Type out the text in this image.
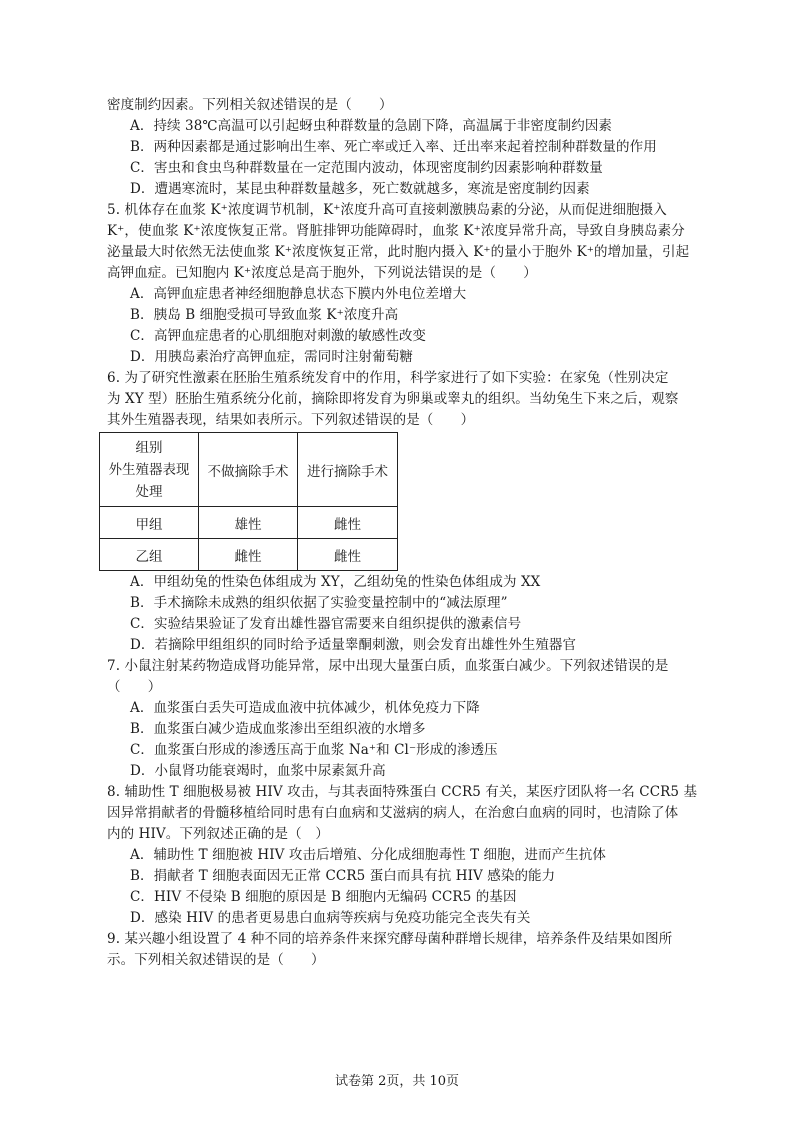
密度制约因素。下列相关叙述错误的是（　　）
A．持续 38℃高温可以引起蚜虫种群数量的急剧下降，高温属于非密度制约因素
B．两种因素都是通过影响出生率、死亡率或迁入率、迁出率来起着控制种群数量的作用
C．害虫和食虫鸟种群数量在一定范围内波动，体现密度制约因素影响种群数量
D．遭遇寒流时，某昆虫种群数量越多，死亡数就越多，寒流是密度制约因素
5. 机体存在血浆 K⁺浓度调节机制，K⁺浓度升高可直接刺激胰岛素的分泌，从而促进细胞摄入
K⁺，使血浆 K⁺浓度恢复正常。肾脏排钾功能障碍时，血浆 K⁺浓度异常升高，导致自身胰岛素分
泌量最大时依然无法使血浆 K⁺浓度恢复正常，此时胞内摄入 K⁺的量小于胞外 K⁺的增加量，引起
高钾血症。已知胞内 K⁺浓度总是高于胞外，下列说法错误的是（　　）
A．高钾血症患者神经细胞静息状态下膜内外电位差增大
B．胰岛 B 细胞受损可导致血浆 K⁺浓度升高
C．高钾血症患者的心肌细胞对刺激的敏感性改变
D．用胰岛素治疗高钾血症，需同时注射葡萄糖
6. 为了研究性激素在胚胎生殖系统发育中的作用，科学家进行了如下实验：在家兔（性别决定
为 XY 型）胚胎生殖系统分化前，摘除即将发育为卵巢或睾丸的组织。当幼兔生下来之后，观察
其外生殖器表现，结果如表所示。下列叙述错误的是（　　）
组别
外生殖器表现
处理	不做摘除手术	进行摘除手术
甲组	雄性	雌性
乙组	雌性	雌性
A．甲组幼兔的性染色体组成为 XY，乙组幼兔的性染色体组成为 XX
B．手术摘除未成熟的组织依据了实验变量控制中的“减法原理”
C．实验结果验证了发育出雄性器官需要来自组织提供的激素信号
D．若摘除甲组组织的同时给予适量睾酮刺激，则会发育出雄性外生殖器官
7. 小鼠注射某药物造成肾功能异常，尿中出现大量蛋白质，血浆蛋白减少。下列叙述错误的是
（　　）
A．血浆蛋白丢失可造成血液中抗体减少，机体免疫力下降
B．血浆蛋白减少造成血浆渗出至组织液的水增多
C．血浆蛋白形成的渗透压高于血浆 Na⁺和 Cl⁻形成的渗透压
D．小鼠肾功能衰竭时，血浆中尿素氮升高
8. 辅助性 T 细胞极易被 HIV 攻击，与其表面特殊蛋白 CCR5 有关，某医疗团队将一名 CCR5 基
因异常捐献者的骨髓移植给同时患有白血病和艾滋病的病人，在治愈白血病的同时，也清除了体
内的 HIV。下列叙述正确的是（　）
A．辅助性 T 细胞被 HIV 攻击后增殖、分化成细胞毒性 T 细胞，进而产生抗体
B．捐献者 T 细胞表面因无正常 CCR5 蛋白而具有抗 HIV 感染的能力
C．HIV 不侵染 B 细胞的原因是 B 细胞内无编码 CCR5 的基因
D．感染 HIV 的患者更易患白血病等疾病与免疫功能完全丧失有关
9. 某兴趣小组设置了 4 种不同的培养条件来探究酵母菌种群增长规律，培养条件及结果如图所
示。下列相关叙述错误的是（　　）
试卷第 2页，共 10页
